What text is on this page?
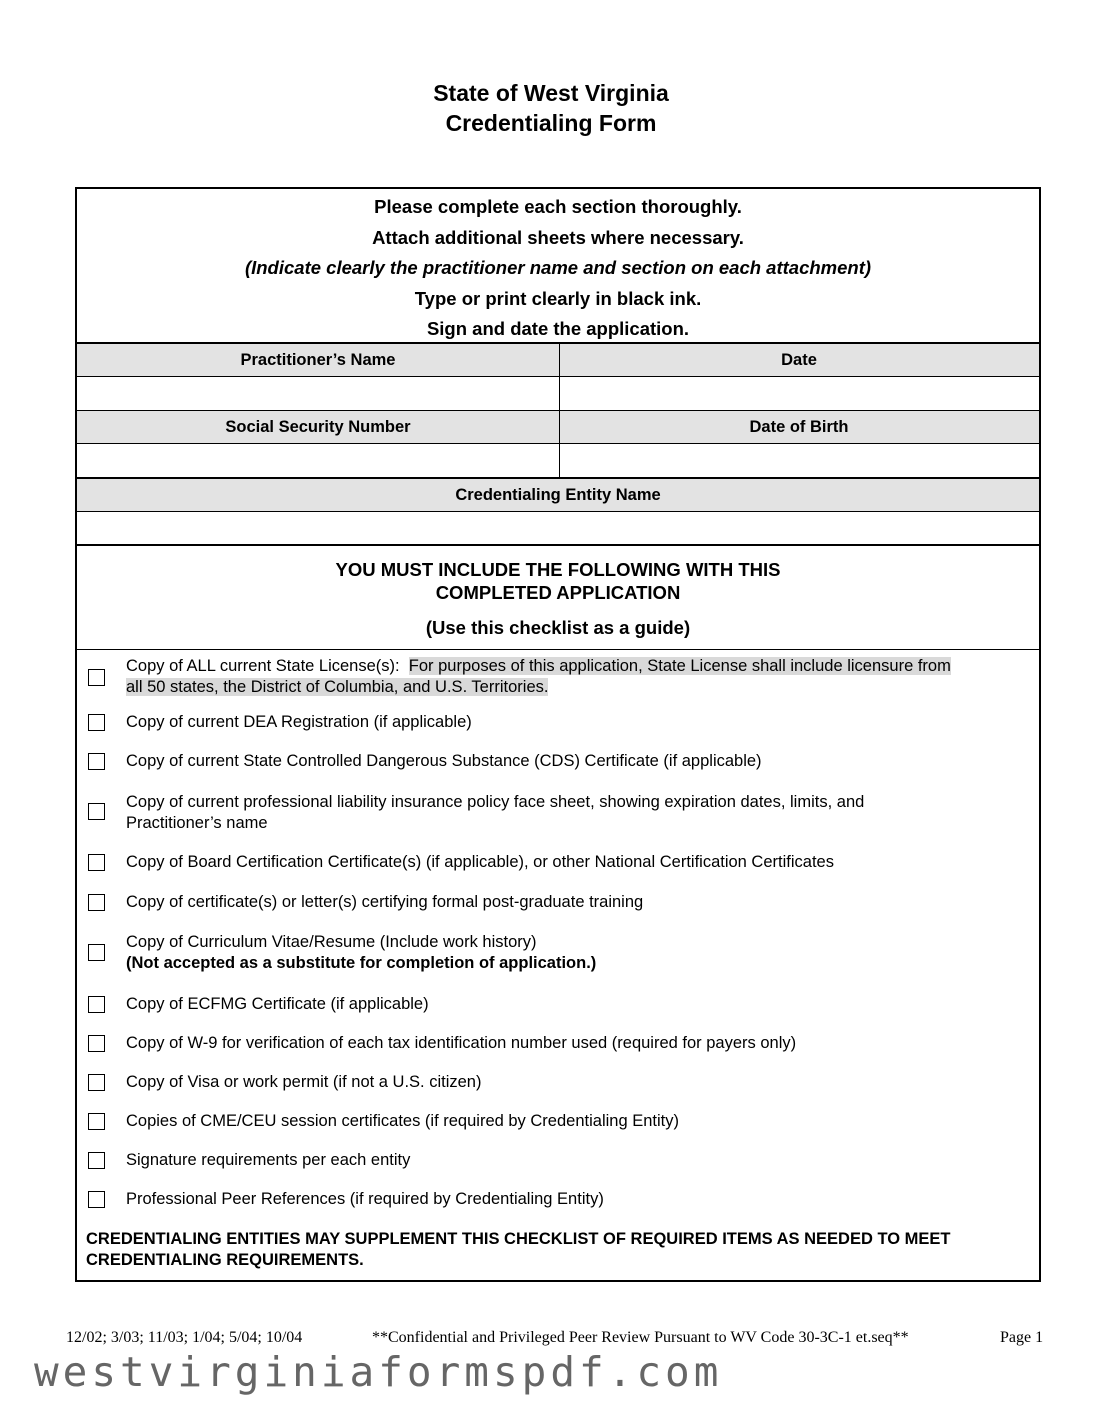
State of West Virginia
Credentialing Form
Please complete each section thoroughly.
Attach additional sheets where necessary.
(Indicate clearly the practitioner name and section on each attachment)
Type or print clearly in black ink.
Sign and date the application.
Practitioner’s Name	Date
Social Security Number	Date of Birth
Credentialing Entity Name
YOU MUST INCLUDE THE FOLLOWING WITH THIS
COMPLETED APPLICATION
(Use this checklist as a guide)
Copy of ALL current State License(s): For purposes of this application, State License shall include licensure from
all 50 states, the District of Columbia, and U.S. Territories.
Copy of current DEA Registration (if applicable)
Copy of current State Controlled Dangerous Substance (CDS) Certificate (if applicable)
Copy of current professional liability insurance policy face sheet, showing expiration dates, limits, and
Practitioner’s name
Copy of Board Certification Certificate(s) (if applicable), or other National Certification Certificates
Copy of certificate(s) or letter(s) certifying formal post-graduate training
Copy of Curriculum Vitae/Resume (Include work history)
(Not accepted as a substitute for completion of application.)
Copy of ECFMG Certificate (if applicable)
Copy of W-9 for verification of each tax identification number used (required for payers only)
Copy of Visa or work permit (if not a U.S. citizen)
Copies of CME/CEU session certificates (if required by Credentialing Entity)
Signature requirements per each entity
Professional Peer References (if required by Credentialing Entity)
CREDENTIALING ENTITIES MAY SUPPLEMENT THIS CHECKLIST OF REQUIRED ITEMS AS NEEDED TO MEET
CREDENTIALING REQUIREMENTS.
12/02; 3/03; 11/03; 1/04; 5/04; 10/04	**Confidential and Privileged Peer Review Pursuant to WV Code 30-3C-1 et.seq**	Page 1
westvirginiaformspdf.com
